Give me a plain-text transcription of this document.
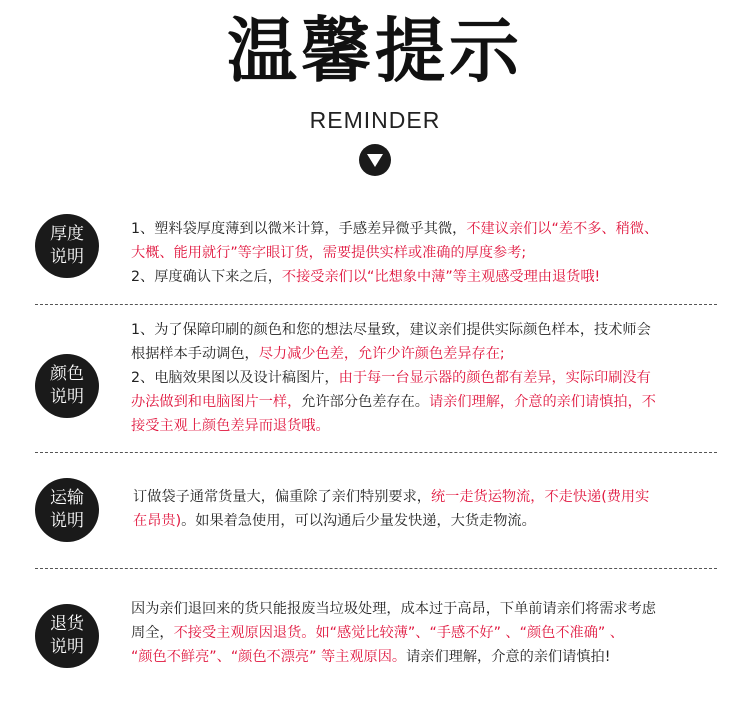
温馨提示
REMINDER
厚度
说明
1、塑料袋厚度薄到以微米计算，手感差异微乎其微，不建议亲们以“差不多、稍微、
大概、能用就行”等字眼订货，需要提供实样或准确的厚度参考;
2、厚度确认下来之后，不接受亲们以“比想象中薄”等主观感受理由退货哦!
颜色
说明
1、为了保障印刷的颜色和您的想法尽量致，建议亲们提供实际颜色样本，技术师会
根据样本手动调色，尽力减少色差，允许少许颜色差异存在;
2、电脑效果图以及设计稿图片，由于每一台显示器的颜色都有差异，实际印刷没有
办法做到和电脑图片一样，允许部分色差存在。请亲们理解，介意的亲们请慎拍，不
接受主观上颜色差异而退货哦。
运输
说明
订做袋子通常货量大，偏重除了亲们特别要求，统一走货运物流，不走快递(费用实
在昂贵)。如果着急使用，可以沟通后少量发快递，大货走物流。
退货
说明
因为亲们退回来的货只能报废当垃圾处理，成本过于高昂，下单前请亲们将需求考虑
周全，不接受主观原因退货。如“感觉比较薄”、“手感不好” 、“颜色不准确” 、
“颜色不鲜亮”、“颜色不漂亮” 等主观原因。请亲们理解，介意的亲们请慎拍!
